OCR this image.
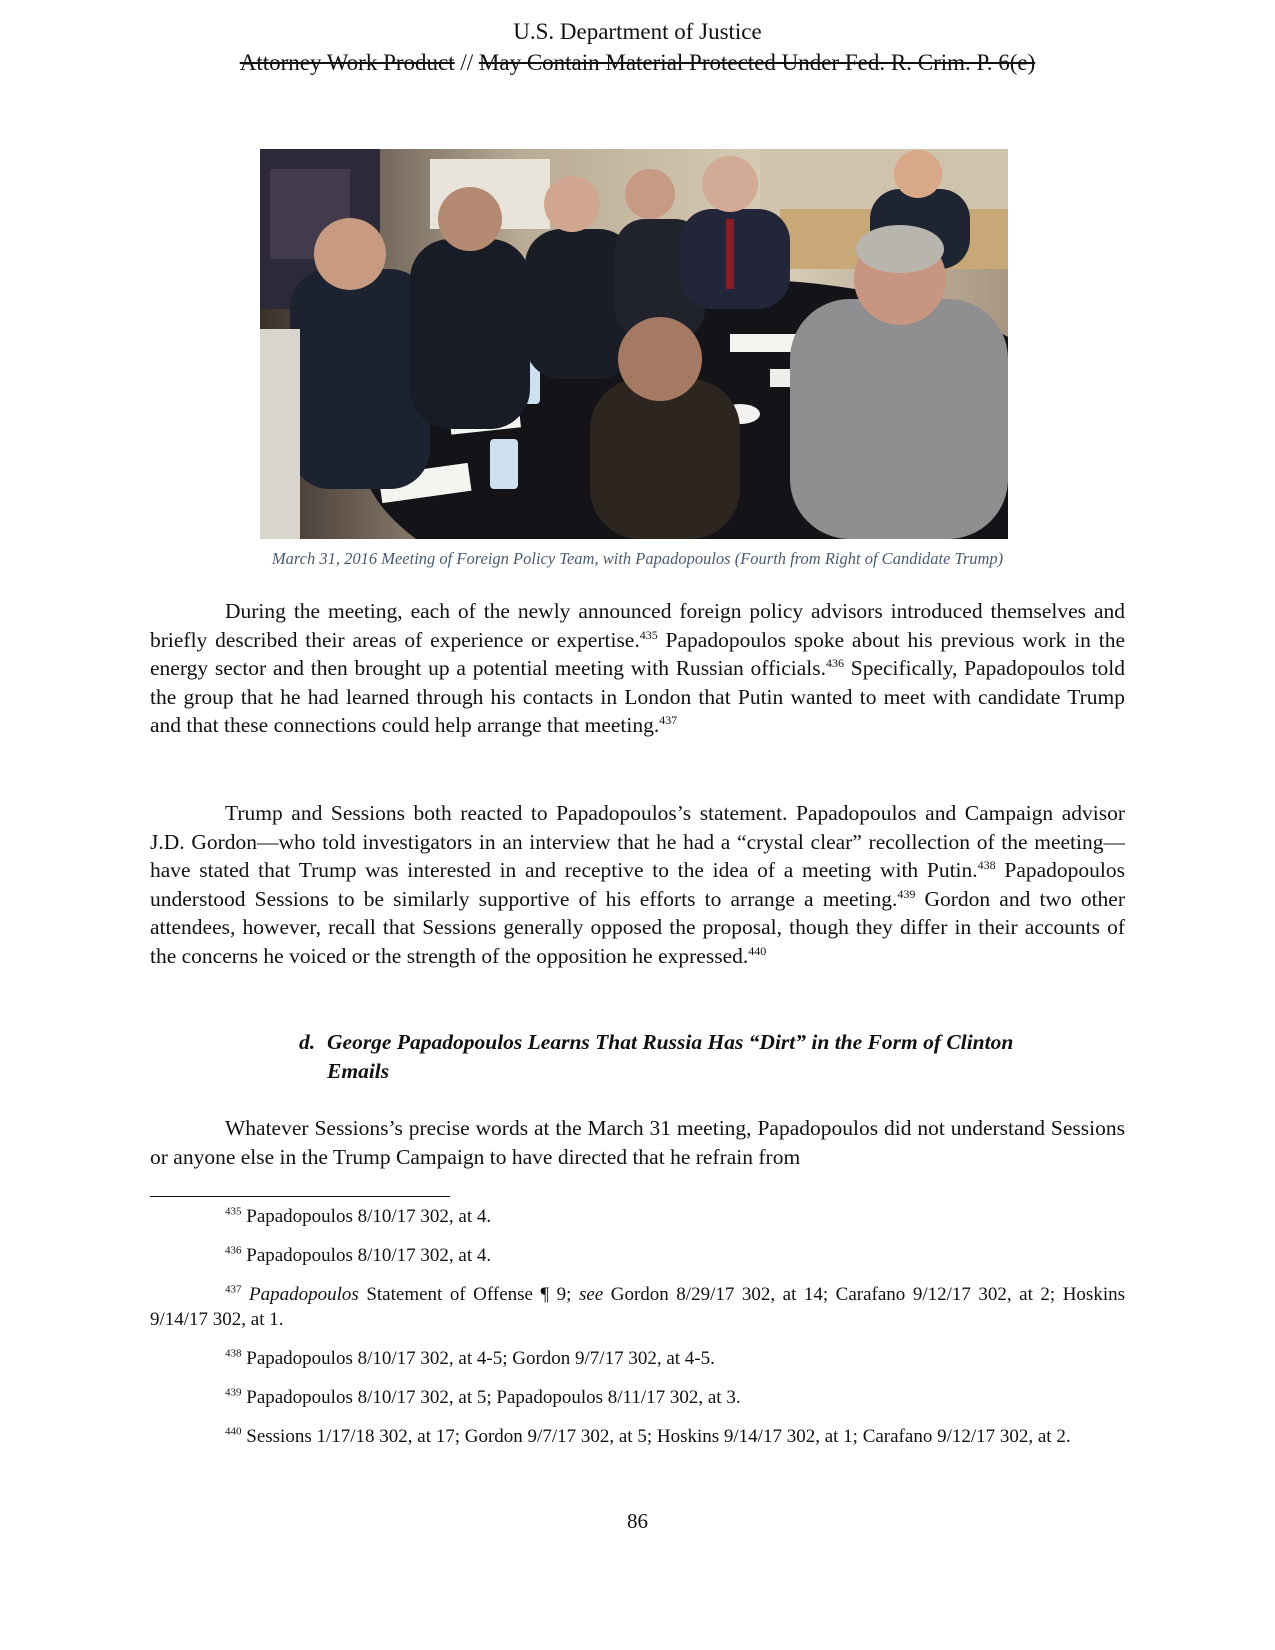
U.S. Department of Justice
Attorney Work Product // May Contain Material Protected Under Fed. R. Crim. P. 6(e)
March 31, 2016 Meeting of Foreign Policy Team, with Papadopoulos (Fourth from Right of Candidate Trump)
During the meeting, each of the newly announced foreign policy advisors introduced themselves and briefly described their areas of experience or expertise.$^{435}$ Papadopoulos spoke about his previous work in the energy sector and then brought up a potential meeting with Russian officials.$^{436}$ Specifically, Papadopoulos told the group that he had learned through his contacts in London that Putin wanted to meet with candidate Trump and that these connections could help arrange that meeting.$^{437}$
Trump and Sessions both reacted to Papadopoulos’s statement. Papadopoulos and Campaign advisor J.D. Gordon—who told investigators in an interview that he had a “crystal clear” recollection of the meeting—have stated that Trump was interested in and receptive to the idea of a meeting with Putin.$^{438}$ Papadopoulos understood Sessions to be similarly supportive of his efforts to arrange a meeting.$^{439}$ Gordon and two other attendees, however, recall that Sessions generally opposed the proposal, though they differ in their accounts of the concerns he voiced or the strength of the opposition he expressed.$^{440}$
d. George Papadopoulos Learns That Russia Has “Dirt” in the Form of Clinton
Emails
Whatever Sessions’s precise words at the March 31 meeting, Papadopoulos did not understand Sessions or anyone else in the Trump Campaign to have directed that he refrain from
$^{435}$ Papadopoulos 8/10/17 302, at 4.
$^{436}$ Papadopoulos 8/10/17 302, at 4.
$^{437}$ Papadopoulos Statement of Offense ¶ 9; see Gordon 8/29/17 302, at 14; Carafano 9/12/17 302, at 2; Hoskins 9/14/17 302, at 1.
$^{438}$ Papadopoulos 8/10/17 302, at 4-5; Gordon 9/7/17 302, at 4-5.
$^{439}$ Papadopoulos 8/10/17 302, at 5; Papadopoulos 8/11/17 302, at 3.
$^{440}$ Sessions 1/17/18 302, at 17; Gordon 9/7/17 302, at 5; Hoskins 9/14/17 302, at 1; Carafano 9/12/17 302, at 2.
86
